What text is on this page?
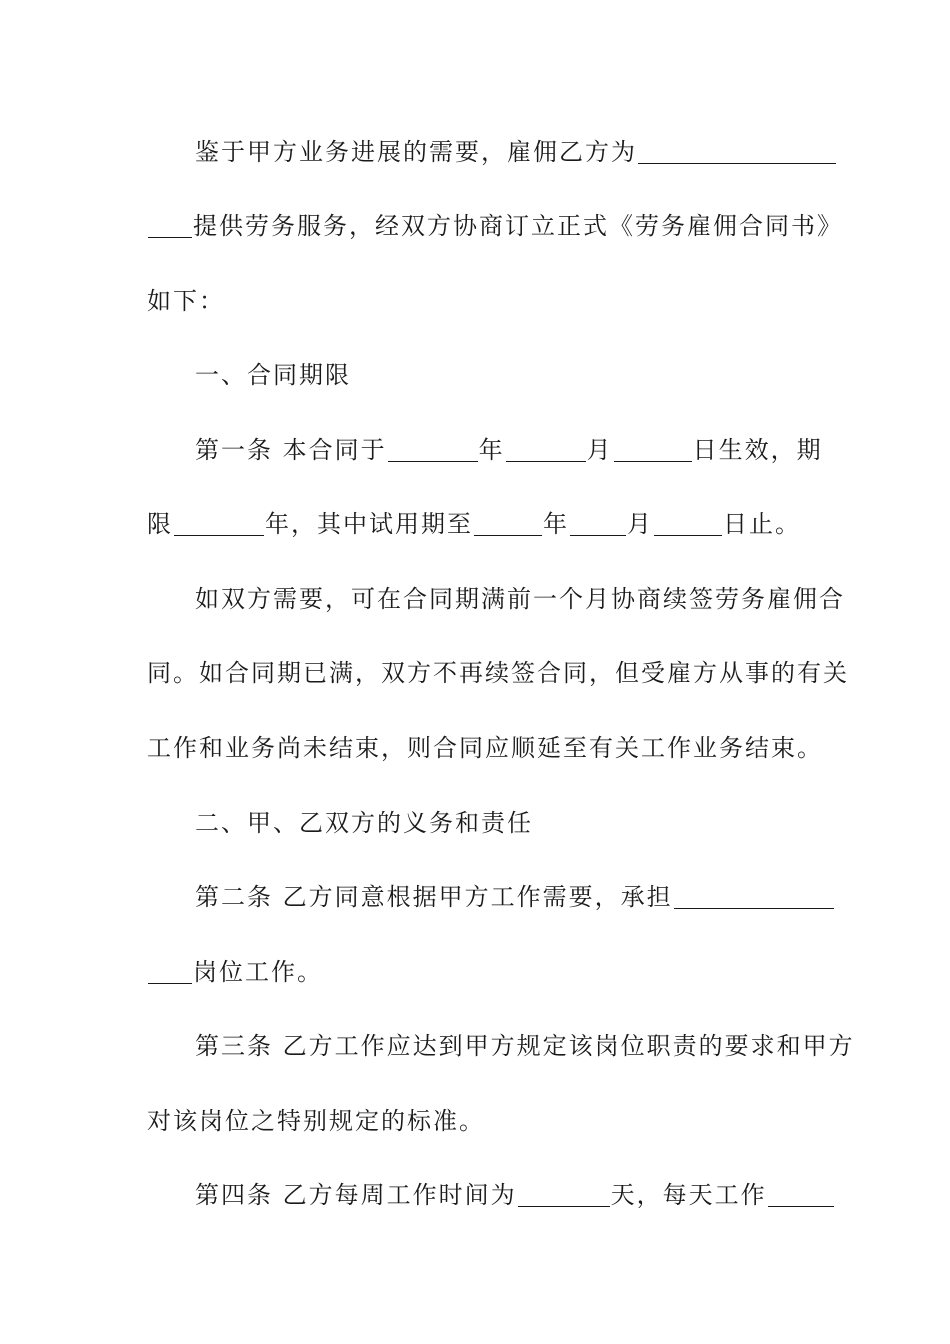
鉴于甲方业务进展的需要，雇佣乙方为
提供劳务服务，经双方协商订立正式《劳务雇佣合同书》
如下：
一、合同期限
第一条 本合同于	年	月	日生效，期
限	年，其中试用期至	年 月	日止。
如双方需要，可在合同期满前一个月协商续签劳务雇佣合
同。如合同期已满，双方不再续签合同，但受雇方从事的有关
工作和业务尚未结束，则合同应顺延至有关工作业务结束。
二、甲、乙双方的义务和责任
第二条 乙方同意根据甲方工作需要，承担
岗位工作。
第三条 乙方工作应达到甲方规定该岗位职责的要求和甲方
对该岗位之特别规定的标准。
第四条 乙方每周工作时间为	天，每天工作
